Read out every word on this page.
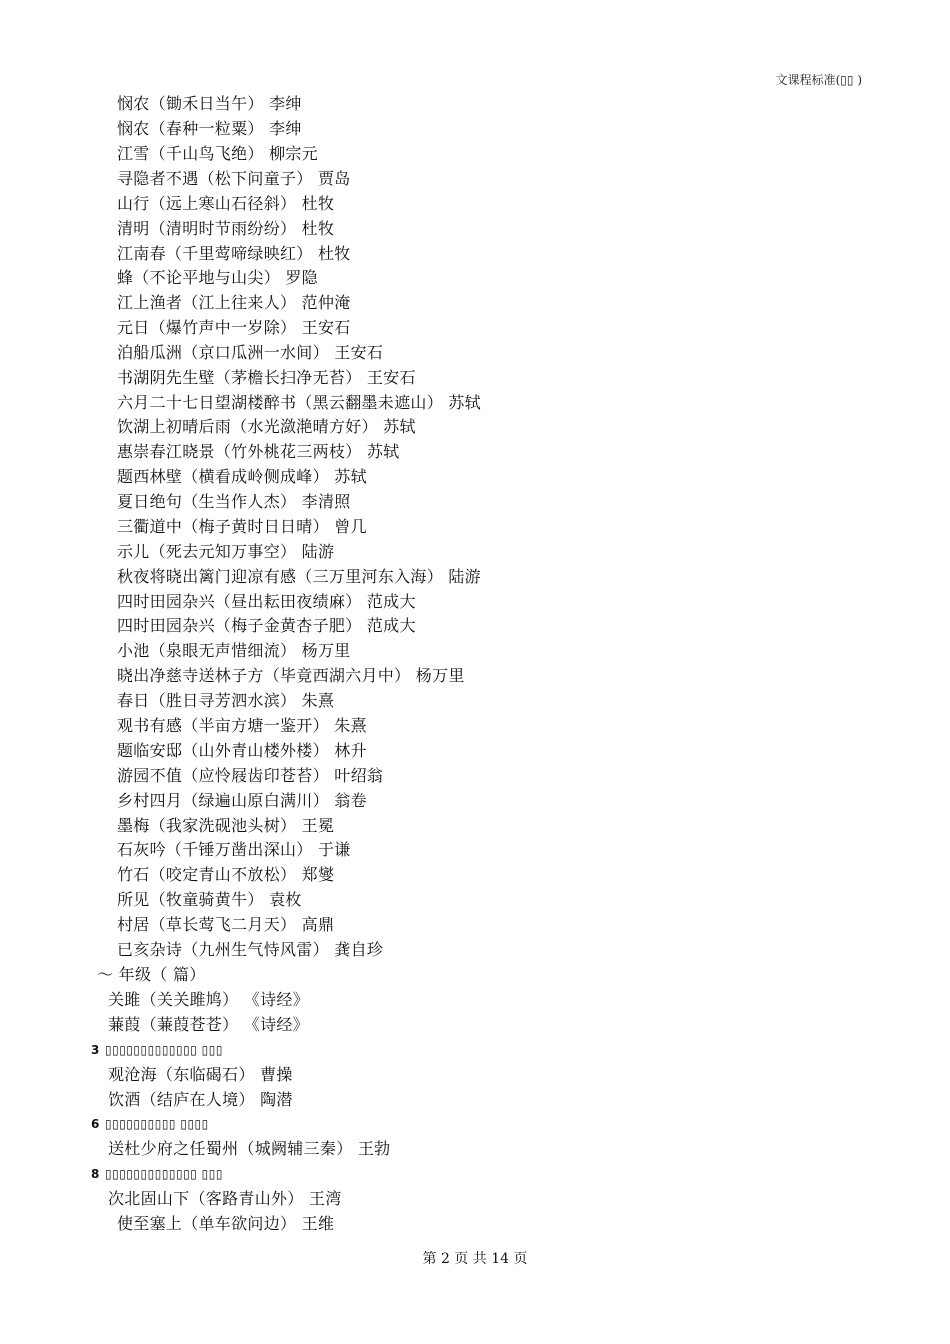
文课程标准(▯▯ )
悯农（锄禾日当午） 李绅
悯农（春种一粒粟） 李绅
江雪（千山鸟飞绝） 柳宗元
寻隐者不遇（松下问童子） 贾岛
山行（远上寒山石径斜） 杜牧
清明（清明时节雨纷纷） 杜牧
江南春（千里莺啼绿映红） 杜牧
蜂（不论平地与山尖） 罗隐
江上渔者（江上往来人） 范仲淹
元日（爆竹声中一岁除） 王安石
泊船瓜洲（京口瓜洲一水间） 王安石
书湖阴先生壁（茅檐长扫净无苔） 王安石
六月二十七日望湖楼醉书（黑云翻墨未遮山） 苏轼
饮湖上初晴后雨（水光潋滟晴方好） 苏轼
惠崇春江晓景（竹外桃花三两枝） 苏轼
题西林壁（横看成岭侧成峰） 苏轼
夏日绝句（生当作人杰） 李清照
三衢道中（梅子黄时日日晴） 曾几
示儿（死去元知万事空） 陆游
秋夜将晓出篱门迎凉有感（三万里河东入海） 陆游
四时田园杂兴（昼出耘田夜绩麻） 范成大
四时田园杂兴（梅子金黄杏子肥） 范成大
小池（泉眼无声惜细流） 杨万里
晓出净慈寺送林子方（毕竟西湖六月中） 杨万里
春日（胜日寻芳泗水滨） 朱熹
观书有感（半亩方塘一鉴开） 朱熹
题临安邸（山外青山楼外楼） 林升
游园不值（应怜屐齿印苍苔） 叶绍翁
乡村四月（绿遍山原白满川） 翁卷
墨梅（我家洗砚池头树） 王冕
石灰吟（千锤万凿出深山） 于谦
竹石（咬定青山不放松） 郑燮
所见（牧童骑黄牛） 袁枚
村居（草长莺飞二月天） 高鼎
已亥杂诗（九州生气恃风雷） 龚自珍
～ 年级（ 篇）
关雎（关关雎鸠） 《诗经》
蒹葭（蒹葭苍苍） 《诗经》
3 ▯▯▯▯▯▯▯▯▯▯▯▯▯ ▯▯▯
观沧海（东临碣石） 曹操
饮酒（结庐在人境） 陶潜
6 ▯▯▯▯▯▯▯▯▯▯ ▯▯▯▯
送杜少府之任蜀州（城阙辅三秦） 王勃
8 ▯▯▯▯▯▯▯▯▯▯▯▯▯ ▯▯▯
次北固山下（客路青山外） 王湾
使至塞上（单车欲问边） 王维
第 2 页 共 14 页
